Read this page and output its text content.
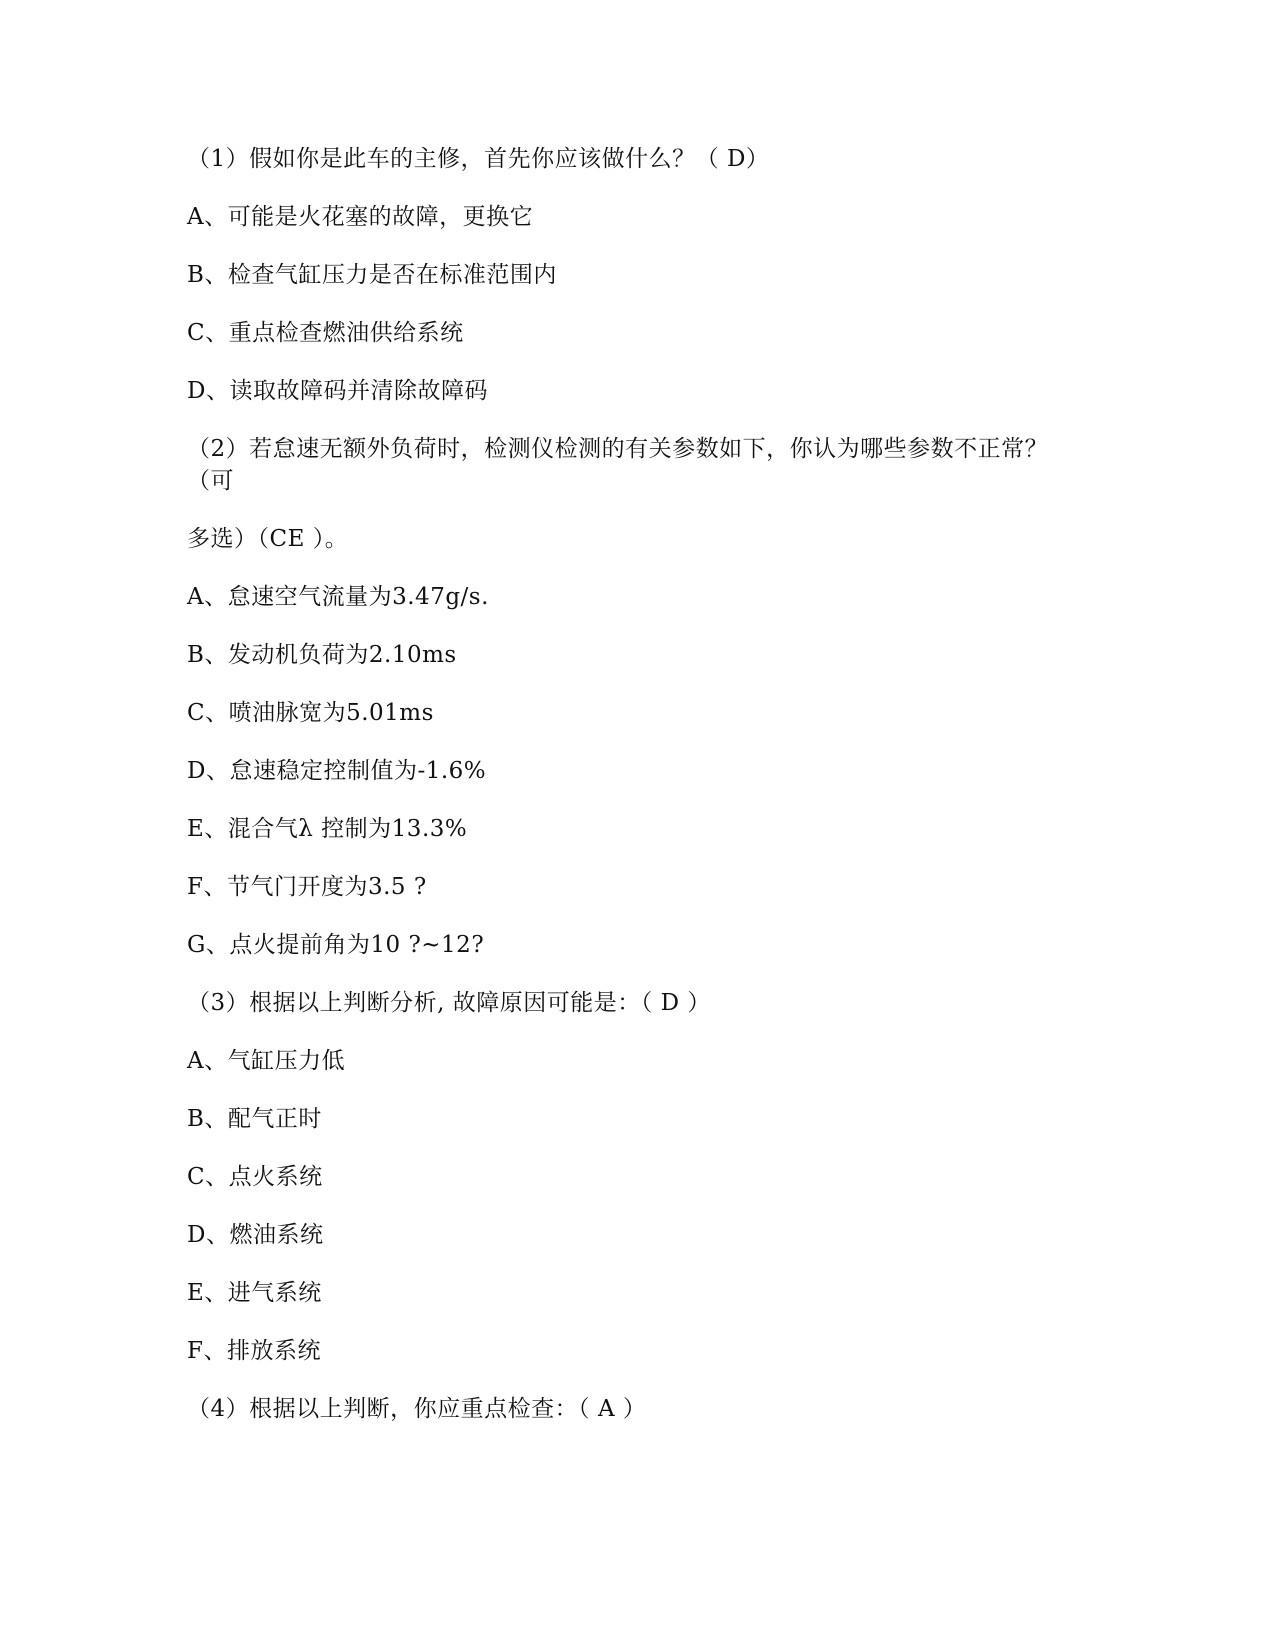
（1）假如你是此车的主修，首先你应该做什么？（ D）
A、可能是火花塞的故障，更换它
B、检查气缸压力是否在标准范围内
C、重点检查燃油供给系统
D、读取故障码并清除故障码
（2）若怠速无额外负荷时，检测仪检测的有关参数如下，你认为哪些参数不正常？
（可
多选）（CE ）。
A、怠速空气流量为3.47g/s.
B、发动机负荷为2.10ms
C、喷油脉宽为5.01ms
D、怠速稳定控制值为-1.6%
E、混合气λ 控制为13.3%
F、节气门开度为3.5 ?
G、点火提前角为10 ?~12?
（3）根据以上判断分析, 故障原因可能是：（ D ）
A、气缸压力低
B、配气正时
C、点火系统
D、燃油系统
E、进气系统
F、排放系统
（4）根据以上判断，你应重点检查：（ A ）
